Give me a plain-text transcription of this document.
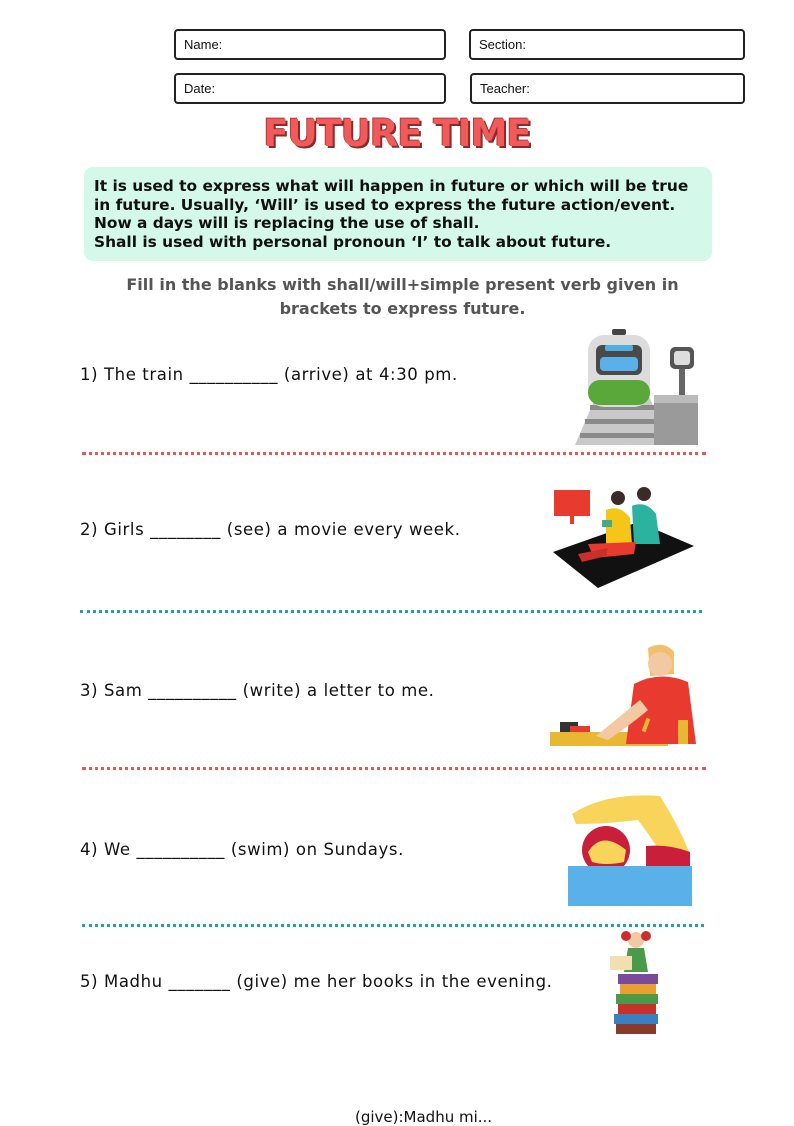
Name:	Section:
Date:	Teacher:
FUTURE TIME

It is used to express what will happen in future or which will be true in future. Usually, ‘Will’ is used to express the future action/event. Now a days will is replacing the use of shall.

Shall is used with personal pronoun ‘I’ to talk about future.

Fill in the blanks with shall/will+simple present verb given in brackets to express future.
1) The train __________ (arrive) at 4:30 pm.
2) Girls ________ (see) a movie every week.
3) Sam __________ (write) a letter to me.
4) We __________ (swim) on Sundays.
5) Madhu _______ (give) me her books in the evening.
(give):Madhu mi...
